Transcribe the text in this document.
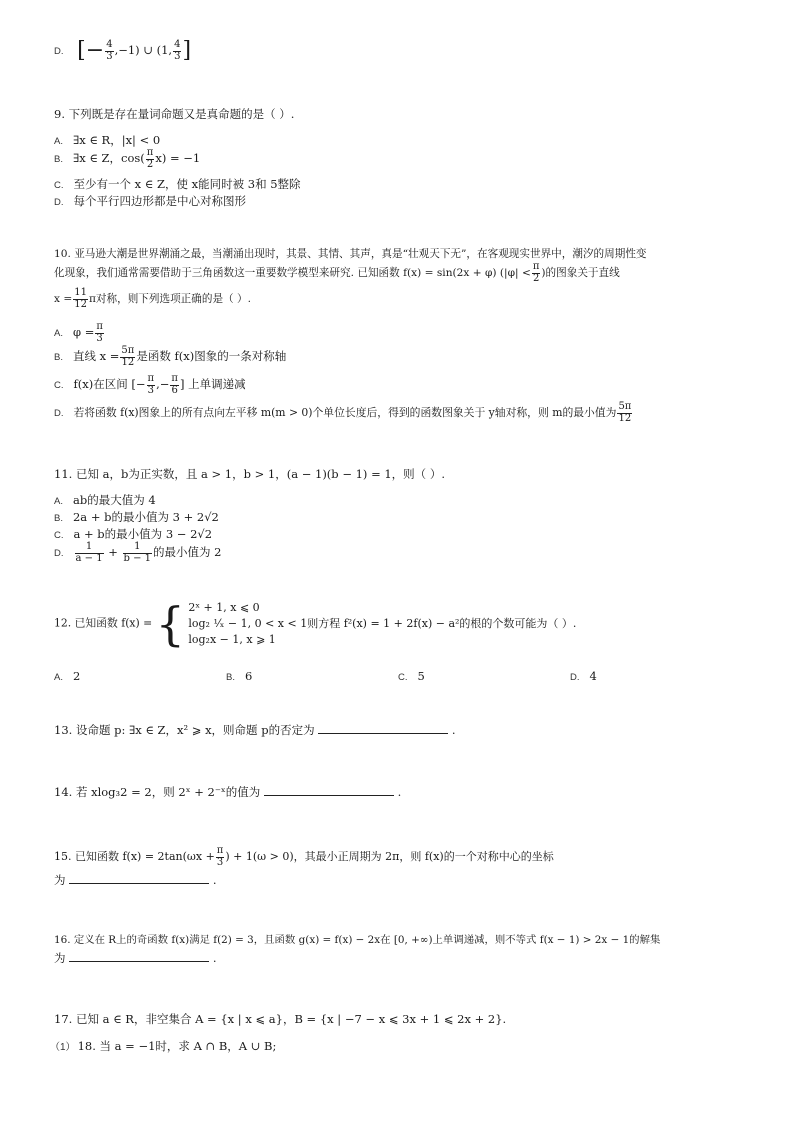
D. [− $\frac{4}{3} ,-1$) ∪ (1, $\frac{4}{3}$ ]
9. 下列既是存在量词命题又是真命题的是（ ）.
A. ∃x ∈ R，|x| < 0
B. ∃x ∈ Z，$\cos( \frac{\pi}{2} x) = -1$
C. 至少有一个 x ∈ Z，使 x能同时被 3和 5整除
D. 每个平行四边形都是中心对称图形
10. 亚马逊大潮是世界潮涌之最，当潮涌出现时，其景、其情、其声，真是“壮观天下无”，在客观现实世界中，潮汐的周期性变
化现象，我们通常需要借助于三角函数这一重要数学模型来研究. 已知函数 f(x) = sin(2x + φ) ($|\varphi| < \frac{\pi}{2}$ )的图象关于直线
$x = \frac{11}{12}$ π对称，则下列选项正确的是（ ）.
A. $\varphi = \frac{\pi}{3}$
B. 直线 $x = \frac{5\pi}{12}$ 是函数 f(x)图象的一条对称轴
C. f(x)在区间 [− $\frac{\pi}{3}$ ,− $\frac{\pi}{6}$ ] 上单调递减
D. 若将函数 f(x)图象上的所有点向左平移 m(m > 0)个单位长度后，得到的函数图象关于 y轴对称，则 m的最小值为 $\frac{5\pi}{12}$
11. 已知 a，b为正实数，且 a > 1，b > 1，(a − 1)(b − 1) = 1，则（ ）.
A. ab的最大值为 4
B. 2a + b的最小值为 3 + 2√2
C. a + b的最小值为 3 − 2√2
D. $\frac{1}{a - 1} + \frac{1}{b - 1}$ 的最小值为 2
12. 已知函数 f(x) = { 2ˣ + 1, x ⩽ 0
log₂ ¹⁄ₓ − 1, 0 < x < 1则方程 f²(x) = 1 + 2f(x) − a²的根的个数可能为（ ）.
log₂x − 1, x ⩾ 1
A. 2	B. 6	C. 5	D. 4
13. 设命题 p: ∃x ∈ Z，x² ⩾ x，则命题 p的否定为	.
14. 若 xlog₃2 = 2，则 2ˣ + 2⁻ˣ的值为	.
15. 已知函数 $f(x) = 2\tan(\omega x + \frac{\pi}{3}$ ) + 1(ω > 0)，其最小正周期为 2π，则 f(x)的一个对称中心的坐标
为	.
16. 定义在 R上的奇函数 f(x)满足 f(2) = 3，且函数 g(x) = f(x) − 2x在 [0, +∞)上单调递减，则不等式 f(x − 1) > 2x − 1的解集
为	.
17. 已知 a ∈ R，非空集合 A = {x | x ⩽ a}，B = {x | −7 − x ⩽ 3x + 1 ⩽ 2x + 2}.
（1） 18. 当 a = −1时，求 A ∩ B，A ∪ B;
